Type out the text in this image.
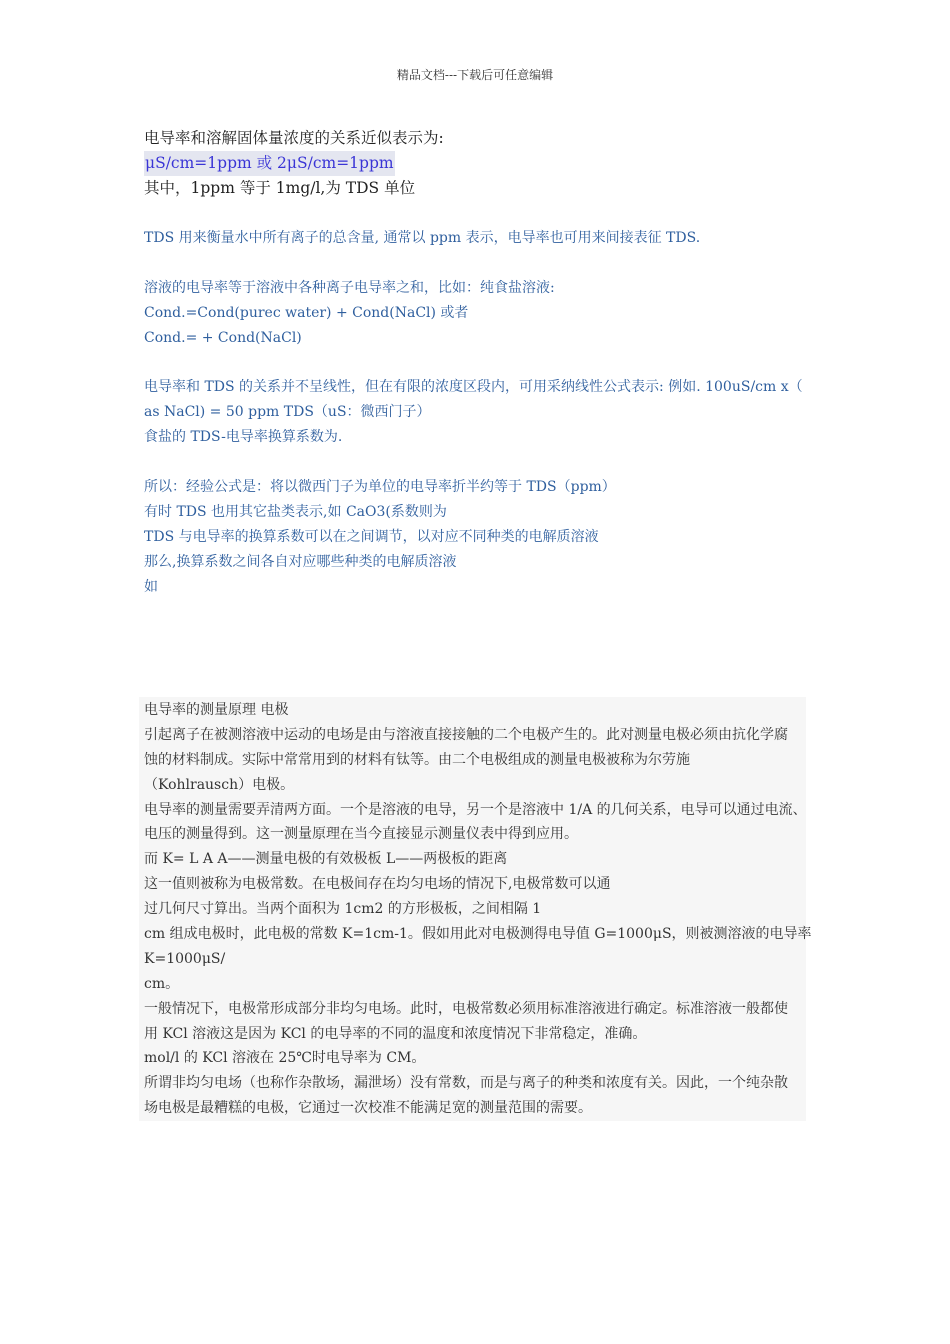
精品文档---下载后可任意编辑
电导率和溶解固体量浓度的关系近似表示为:
μS/cm=1ppm 或 2μS/cm=1ppm
其中，1ppm 等于 1mg/l,为 TDS 单位
TDS 用来衡量水中所有离子的总含量, 通常以 ppm 表示，电导率也可用来间接表征 TDS.
溶液的电导率等于溶液中各种离子电导率之和，比如：纯食盐溶液:
Cond.=Cond(purec water) + Cond(NaCl) 或者
Cond.= + Cond(NaCl)
电导率和 TDS 的关系并不呈线性，但在有限的浓度区段内，可用采纳线性公式表示: 例如. 100uS/cm x（
as NaCl) = 50 ppm TDS（uS：微西门子）
食盐的 TDS-电导率换算系数为.
所以：经验公式是：将以微西门子为单位的电导率折半约等于 TDS（ppm）
有时 TDS 也用其它盐类表示,如 CaO3(系数则为
TDS 与电导率的换算系数可以在之间调节，以对应不同种类的电解质溶液
那么,换算系数之间各自对应哪些种类的电解质溶液
如
电导率的测量原理 电极
引起离子在被测溶液中运动的电场是由与溶液直接接触的二个电极产生的。此对测量电极必须由抗化学腐
蚀的材料制成。实际中常常用到的材料有钛等。由二个电极组成的测量电极被称为尔劳施
（Kohlrausch）电极。
电导率的测量需要弄清两方面。一个是溶液的电导，另一个是溶液中 1/A 的几何关系，电导可以通过电流、
电压的测量得到。这一测量原理在当今直接显示测量仪表中得到应用。
而 K= L A A——测量电极的有效极板 L——两极板的距离
这一值则被称为电极常数。在电极间存在均匀电场的情况下,电极常数可以通
过几何尺寸算出。当两个面积为 1cm2 的方形极板，之间相隔 1
cm 组成电极时，此电极的常数 K=1cm-1。假如用此对电极测得电导值 G=1000μS，则被测溶液的电导率
K=1000μS/
cm。
一般情况下，电极常形成部分非均匀电场。此时，电极常数必须用标准溶液进行确定。标准溶液一般都使
用 KCl 溶液这是因为 KCl 的电导率的不同的温度和浓度情况下非常稳定，准确。
mol/l 的 KCl 溶液在 25℃时电导率为 CM。
所谓非均匀电场（也称作杂散场，漏泄场）没有常数，而是与离子的种类和浓度有关。因此，一个纯杂散
场电极是最糟糕的电极，它通过一次校准不能满足宽的测量范围的需要。
